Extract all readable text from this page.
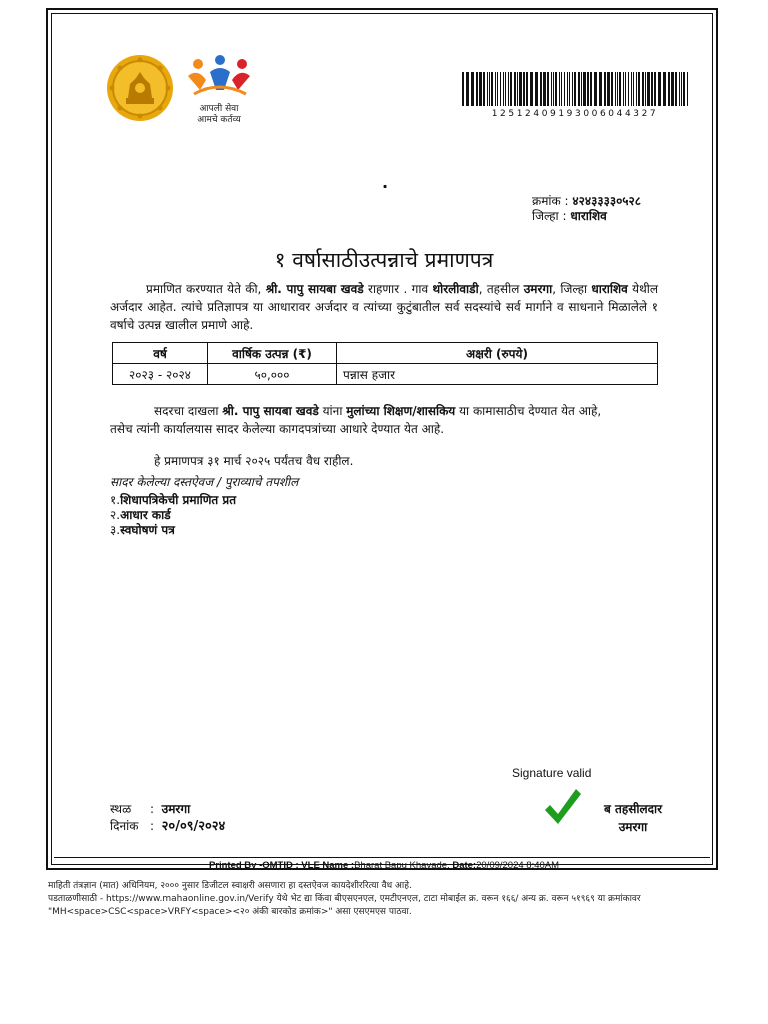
आपली सेवा
आमचे कर्तव्य
12512409193006044327
.
क्रमांक : ४२४३३३३०५२८
जिल्हा : धाराशिव
१ वर्षासाठीउत्पन्नाचे प्रमाणपत्र
प्रमाणित करण्यात येते की, श्री. पापु सायबा खवडे राहणार . गाव थोरलीवाडी, तहसील उमरगा, जिल्हा धाराशिव येथील अर्जदार आहेत. त्यांचे प्रतिज्ञापत्र या आधारावर अर्जदार व त्यांच्या कुटुंबातील सर्व सदस्यांचे सर्व मार्गाने व साधनाने मिळालेले १ वर्षाचे उत्पन्न खालील प्रमाणे आहे.
वर्ष	वार्षिक उत्पन्न (₹)	अक्षरी (रुपये)
२०२३ - २०२४	५०,०००	पन्नास हजार
सदरचा दाखला श्री. पापु सायबा खवडे यांना मुलांच्या शिक्षण/शासकिय या कामासाठीच देण्यात येत आहे,
तसेच त्यांनी कार्यालयास सादर केलेल्या कागदपत्रांच्या आधारे देण्यात येत आहे.
हे प्रमाणपत्र ३१ मार्च २०२५ पर्यंतच वैध राहील.
सादर केलेल्या दस्तऐवज / पुराव्याचे तपशील
१.शिधापत्रिकेची प्रमाणित प्रत
२.आधार कार्ड
३.स्वघोषणं पत्र
Signature valid
ब तहसीलदार
उमरगा
स्थळ :  उमरगा
दिनांक :  २०/०९/२०२४
Printed By -OMTID : VLE Name :Bharat Bapu Khavade, Date:20/09/2024 8:40AM
माहिती तंत्रज्ञान (मात) अधिनियम, २००० नुसार डिजीटल स्वाक्षरी असणारा हा दस्तऐवज कायदेशीररित्या वैध आहे.
पडताळणीसाठी - https://www.mahaonline.gov.in/Verify येथे भेट द्या किंवा बीएसएनएल, एमटीएनएल, टाटा मोबाईल क्र. वरून १६६/ अन्य क्र. वरून ५१९६९ या क्रमांकावर
"MH<space>CSC<space>VRFY<space><२० अंकी बारकोड क्रमांक>" असा एसएमएस पाठवा.
